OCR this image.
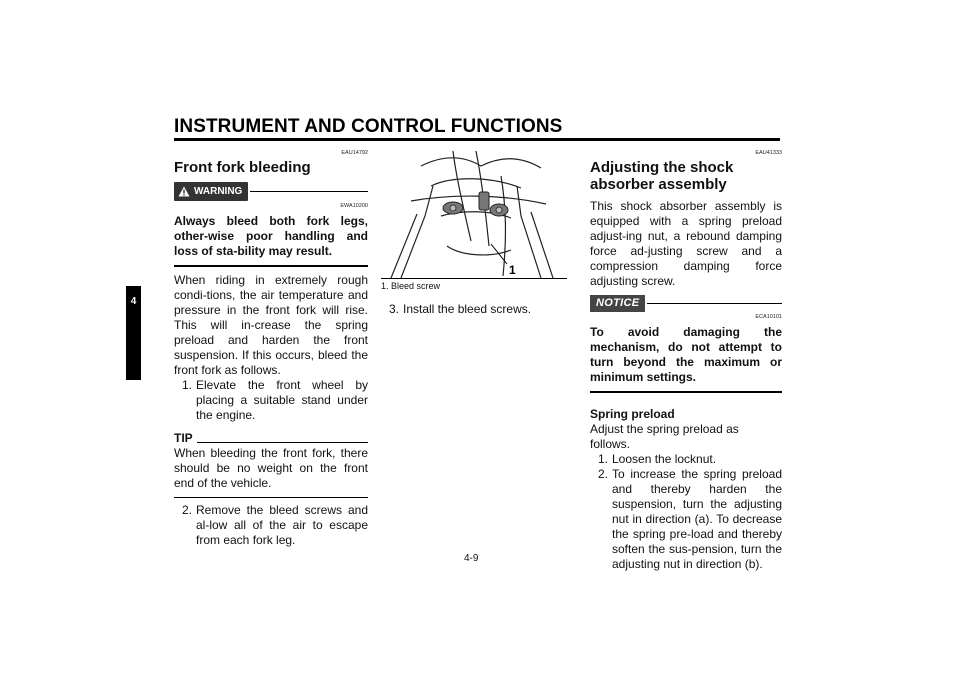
INSTRUMENT AND CONTROL FUNCTIONS
4
EAU14792
Front fork bleeding
WARNING
EWA10200
Always bleed both fork legs, other-wise poor handling and loss of sta-bility may result.
When riding in extremely rough condi-tions, the air temperature and pressure in the front fork will rise. This will in-crease the spring preload and harden the front suspension. If this occurs, bleed the front fork as follows.
1. Elevate the front wheel by placing a suitable stand under the engine.
TIP
When bleeding the front fork, there should be no weight on the front end of the vehicle.
2. Remove the bleed screws and al-low all of the air to escape from each fork leg.
1
1. Bleed screw
3. Install the bleed screws.
EAU41333
Adjusting the shock absorber assembly
This shock absorber assembly is equipped with a spring preload adjust-ing nut, a rebound damping force ad-justing screw and a compression damping force adjusting screw.
NOTICE
ECA10101
To avoid damaging the mechanism, do not attempt to turn beyond the maximum or minimum settings.
Spring preload
Adjust the spring preload as follows.
1. Loosen the locknut.
2. To increase the spring preload and thereby harden the suspension, turn the adjusting nut in direction (a). To decrease the spring pre-load and thereby soften the sus-pension, turn the adjusting nut in direction (b).
4-9
